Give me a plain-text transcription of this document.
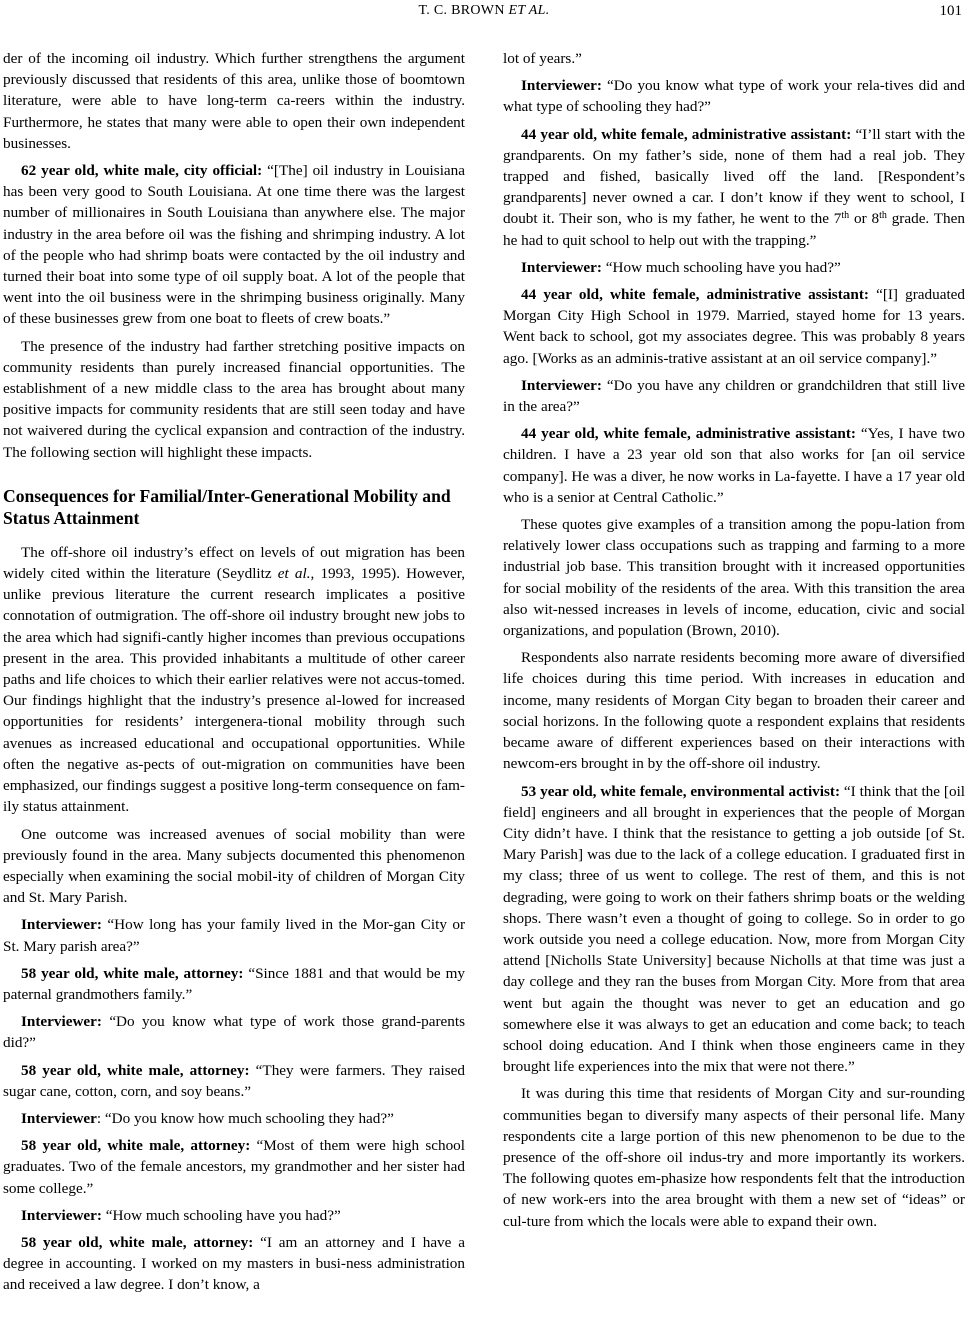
T. C. BROWN ET AL.	101

der of the incoming oil industry. Which further strengthens the argument previously discussed that residents of this area, unlike those of boomtown literature, were able to have long-term ca-reers within the industry. Furthermore, he states that many were able to open their own independent businesses.

62 year old, white male, city official: “[The] oil industry in Louisiana has been very good to South Louisiana. At one time there was the largest number of millionaires in South Louisiana than anywhere else. The major industry in the area before oil was the fishing and shrimping industry. A lot of the people who had shrimp boats were contacted by the oil industry and turned their boat into some type of oil supply boat. A lot of the people that went into the oil business were in the shrimping business originally. Many of these businesses grew from one boat to fleets of crew boats.”

The presence of the industry had farther stretching positive impacts on community residents than purely increased financial opportunities. The establishment of a new middle class to the area has brought about many positive impacts for community residents that are still seen today and have not waivered during the cyclical expansion and contraction of the industry. The following section will highlight these impacts.

Consequences for Familial/Inter-Generational Mobility and Status Attainment

The off-shore oil industry’s effect on levels of out migration has been widely cited within the literature (Seydlitz et al., 1993, 1995). However, unlike previous literature the current research implicates a positive connotation of outmigration. The off-shore oil industry brought new jobs to the area which had signifi-cantly higher incomes than previous occupations present in the area. This provided inhabitants a multitude of other career paths and life choices to which their earlier relatives were not accus-tomed. Our findings highlight that the industry’s presence al-lowed for increased opportunities for residents’ intergenera-tional mobility through such avenues as increased educational and occupational opportunities. While often the negative as-pects of out-migration on communities have been emphasized, our findings suggest a positive long-term consequence on fam-ily status attainment.

One outcome was increased avenues of social mobility than were previously found in the area. Many subjects documented this phenomenon especially when examining the social mobil-ity of children of Morgan City and St. Mary Parish.

Interviewer: “How long has your family lived in the Mor-gan City or St. Mary parish area?”

58 year old, white male, attorney: “Since 1881 and that would be my paternal grandmothers family.”

Interviewer: “Do you know what type of work those grand-parents did?”

58 year old, white male, attorney: “They were farmers. They raised sugar cane, cotton, corn, and soy beans.”

Interviewer: “Do you know how much schooling they had?”

58 year old, white male, attorney: “Most of them were high school graduates. Two of the female ancestors, my grandmother and her sister had some college.”

Interviewer: “How much schooling have you had?”

58 year old, white male, attorney: “I am an attorney and I have a degree in accounting. I worked on my masters in busi-ness administration and received a law degree. I don’t know, a

lot of years.”

Interviewer: “Do you know what type of work your rela-tives did and what type of schooling they had?”

44 year old, white female, administrative assistant: “I’ll start with the grandparents. On my father’s side, none of them had a real job. They trapped and fished, basically lived off the land. [Respondent’s grandparents] never owned a car. I don’t know if they went to school, I doubt it. Their son, who is my father, he went to the 7th or 8th grade. Then he had to quit school to help out with the trapping.”

Interviewer: “How much schooling have you had?”

44 year old, white female, administrative assistant: “[I] graduated Morgan City High School in 1979. Married, stayed home for 13 years. Went back to school, got my associates degree. This was probably 8 years ago. [Works as an adminis-trative assistant at an oil service company].”

Interviewer: “Do you have any children or grandchildren that still live in the area?”

44 year old, white female, administrative assistant: “Yes, I have two children. I have a 23 year old son that also works for [an oil service company]. He was a diver, he now works in La-fayette. I have a 17 year old who is a senior at Central Catholic.”

These quotes give examples of a transition among the popu-lation from relatively lower class occupations such as trapping and farming to a more industrial job base. This transition brought with it increased opportunities for social mobility of the residents of the area. With this transition the area also wit-nessed increases in levels of income, education, civic and social organizations, and population (Brown, 2010).

Respondents also narrate residents becoming more aware of diversified life choices during this time period. With increases in education and income, many residents of Morgan City began to broaden their career and social horizons. In the following quote a respondent explains that residents became aware of different experiences based on their interactions with newcom-ers brought in by the off-shore oil industry.

53 year old, white female, environmental activist: “I think that the [oil field] engineers and all brought in experiences that the people of Morgan City didn’t have. I think that the resistance to getting a job outside [of St. Mary Parish] was due to the lack of a college education. I graduated first in my class; three of us went to college. The rest of them, and this is not degrading, were going to work on their fathers shrimp boats or the welding shops. There wasn’t even a thought of going to college. So in order to go work outside you need a college education. Now, more from Morgan City attend [Nicholls State University] because Nicholls at that time was just a day college and they ran the buses from Morgan City. More from that area went but again the thought was never to get an education and go somewhere else it was always to get an education and come back; to teach school doing education. And I think when those engineers came in they brought life experiences into the mix that were not there.”

It was during this time that residents of Morgan City and sur-rounding communities began to diversify many aspects of their personal life. Many respondents cite a large portion of this new phenomenon to be due to the presence of the off-shore oil indus-try and more importantly its workers. The following quotes em-phasize how respondents felt that the introduction of new work-ers into the area brought with them a new set of “ideas” or cul-ture from which the locals were able to expand their own.
